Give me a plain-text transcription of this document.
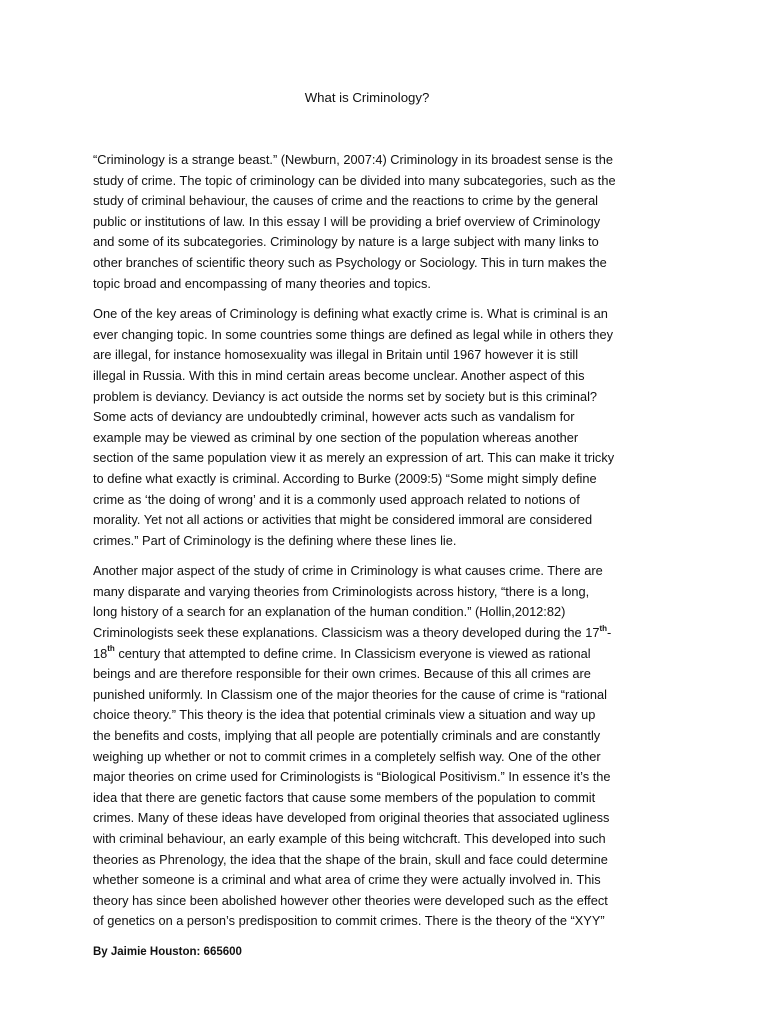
What is Criminology?

“Criminology is a strange beast.” (Newburn, 2007:4) Criminology in its broadest sense is the
study of crime. The topic of criminology can be divided into many subcategories, such as the
study of criminal behaviour, the causes of crime and the reactions to crime by the general
public or institutions of law. In this essay I will be providing a brief overview of Criminology
and some of its subcategories. Criminology by nature is a large subject with many links to
other branches of scientific theory such as Psychology or Sociology. This in turn makes the
topic broad and encompassing of many theories and topics.

One of the key areas of Criminology is defining what exactly crime is. What is criminal is an
ever changing topic. In some countries some things are defined as legal while in others they
are illegal, for instance homosexuality was illegal in Britain until 1967 however it is still
illegal in Russia. With this in mind certain areas become unclear. Another aspect of this
problem is deviancy. Deviancy is act outside the norms set by society but is this criminal?
Some acts of deviancy are undoubtedly criminal, however acts such as vandalism for
example may be viewed as criminal by one section of the population whereas another
section of the same population view it as merely an expression of art. This can make it tricky
to define what exactly is criminal. According to Burke (2009:5) “Some might simply define
crime as ‘the doing of wrong’ and it is a commonly used approach related to notions of
morality. Yet not all actions or activities that might be considered immoral are considered
crimes.” Part of Criminology is the defining where these lines lie.

Another major aspect of the study of crime in Criminology is what causes crime. There are
many disparate and varying theories from Criminologists across history, “there is a long,
long history of a search for an explanation of the human condition.” (Hollin,2012:82)
Criminologists seek these explanations. Classicism was a theory developed during the 17th-
18th century that attempted to define crime. In Classicism everyone is viewed as rational
beings and are therefore responsible for their own crimes. Because of this all crimes are
punished uniformly. In Classism one of the major theories for the cause of crime is “rational
choice theory.” This theory is the idea that potential criminals view a situation and way up
the benefits and costs, implying that all people are potentially criminals and are constantly
weighing up whether or not to commit crimes in a completely selfish way. One of the other
major theories on crime used for Criminologists is “Biological Positivism.” In essence it’s the
idea that there are genetic factors that cause some members of the population to commit
crimes. Many of these ideas have developed from original theories that associated ugliness
with criminal behaviour, an early example of this being witchcraft. This developed into such
theories as Phrenology, the idea that the shape of the brain, skull and face could determine
whether someone is a criminal and what area of crime they were actually involved in. This
theory has since been abolished however other theories were developed such as the effect
of genetics on a person’s predisposition to commit crimes. There is the theory of the “XYY”

By Jaimie Houston: 665600
